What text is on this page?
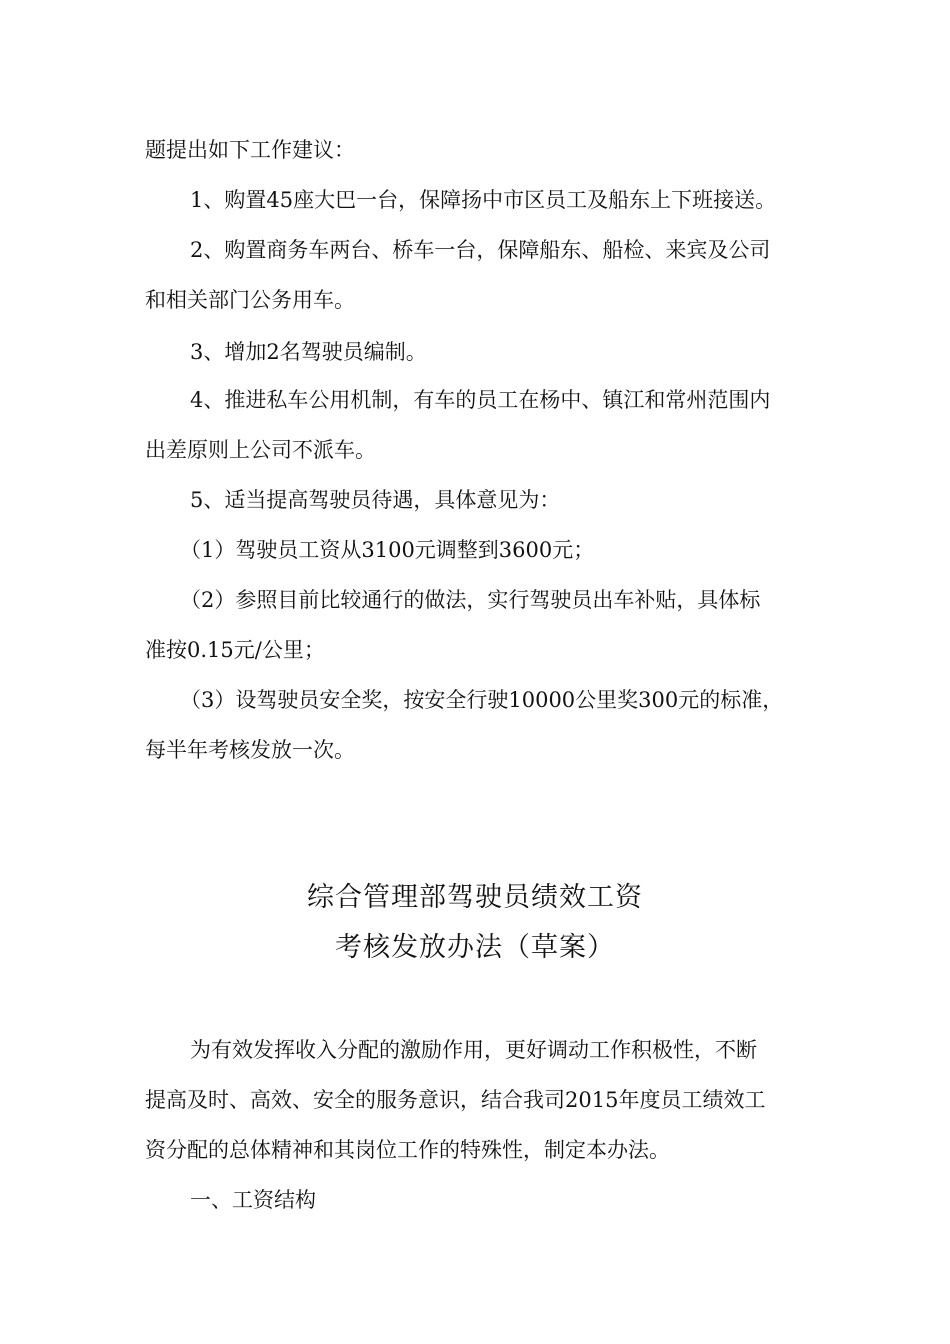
题提出如下工作建议：
1、购置45座大巴一台，保障扬中市区员工及船东上下班接送。
2、购置商务车两台、桥车一台，保障船东、船检、来宾及公司
和相关部门公务用车。
3、增加2名驾驶员编制。
4、推进私车公用机制，有车的员工在杨中、镇江和常州范围内
出差原则上公司不派车。
5、适当提高驾驶员待遇，具体意见为：
（1）驾驶员工资从3100元调整到3600元；
（2）参照目前比较通行的做法，实行驾驶员出车补贴，具体标
准按0.15元/公里；
（3）设驾驶员安全奖，按安全行驶10000公里奖300元的标准，
每半年考核发放一次。
综合管理部驾驶员绩效工资
考核发放办法（草案）
为有效发挥收入分配的激励作用，更好调动工作积极性，不断
提高及时、高效、安全的服务意识，结合我司2015年度员工绩效工
资分配的总体精神和其岗位工作的特殊性，制定本办法。
一、工资结构
